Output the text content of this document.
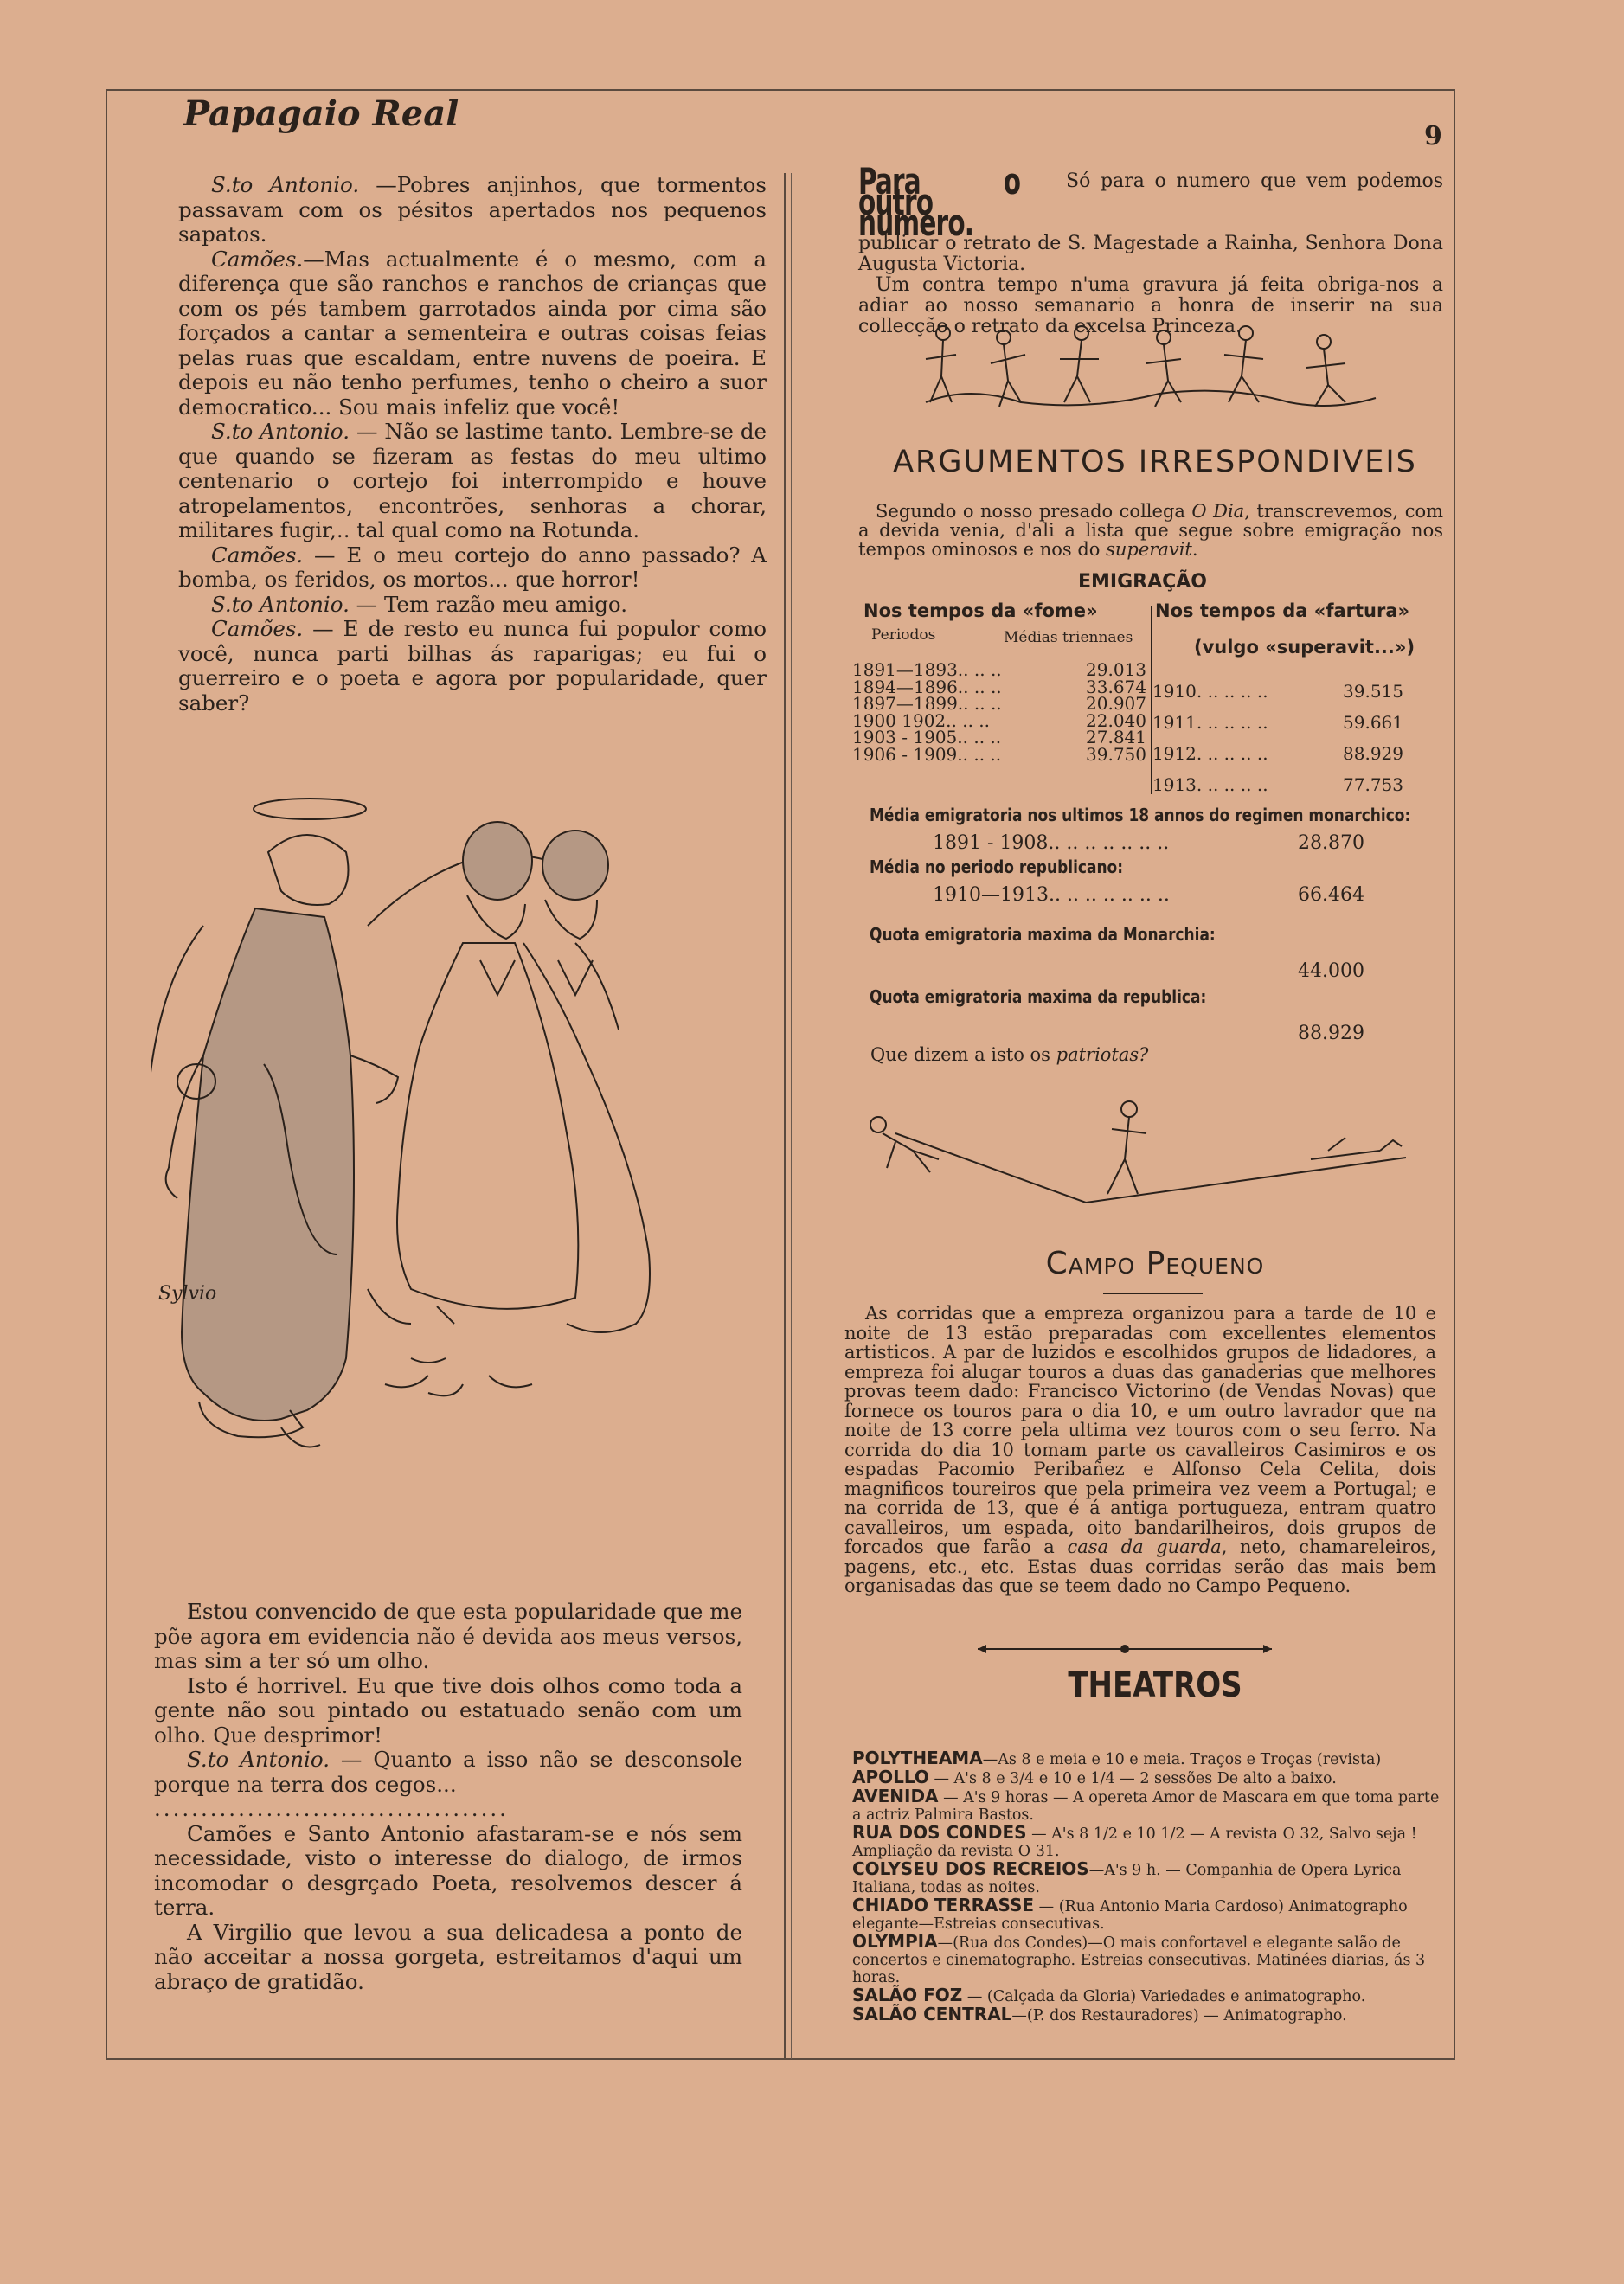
Papagaio Real
9

S.to Antonio. —Pobres anjinhos, que tormentos passavam com os pésitos apertados nos pequenos sapatos.

Camões.—Mas actualmente é o mesmo, com a diferença que são ranchos e ranchos de crianças que com os pés tambem garrotados ainda por cima são forçados a cantar a sementeira e outras coisas feias pelas ruas que escaldam, entre nuvens de poeira. E depois eu não tenho perfumes, tenho o cheiro a suor democratico... Sou mais infeliz que você!

S.to Antonio. — Não se lastime tanto. Lembre-se de que quando se fizeram as festas do meu ultimo centenario o cortejo foi interrompido e houve atropelamentos, encontrões, senhoras a chorar, militares fugir,.. tal qual como na Rotunda.

Camões. — E o meu cortejo do anno passado? A bomba, os feridos, os mortos... que horror!

S.to Antonio. — Tem razão meu amigo.

Camões. — E de resto eu nunca fui populor como você, nunca parti bilhas ás raparigas; eu fui o guerreiro e o poeta e agora por popularidade, quer saber?

Sylvio

Estou convencido de que esta popularidade que me põe agora em evidencia não é devida aos meus versos, mas sim a ter só um olho.

Isto é horrivel. Eu que tive dois olhos como toda a gente não sou pintado ou estatuado senão com um olho. Que desprimor!

S.to Antonio. — Quanto a isso não se desconsole porque na terra dos cegos...

......................................

Camões e Santo Antonio afastaram-se e nós sem necessidade, visto o interesse do dialogo, de irmos incomodar o desgrçado Poeta, resolvemos descer á terra.

A Virgilio que levou a sua delicadesa a ponto de não acceitar a nossa gorgeta, estreitamos d'aqui um abraço de gratidão.

Para o outro numero.Só para o numero que vem podemos publicar o retrato de S. Magestade a Rainha, Senhora Dona Augusta Victoria.

Um contra tempo n'uma gravura já feita obriga-nos a adiar ao nosso semanario a honra de inserir na sua collecção o retrato da excelsa Princeza.

ARGUMENTOS IRRESPONDIVEIS

Segundo o nosso presado collega O Dia, transcrevemos, com a devida venia, d'ali a lista que segue sobre emigração nos tempos ominosos e nos do superavit.

EMIGRAÇÃO
Nos tempos da «fome»	Nos tempos da «fartura»
(vulgo «superavit...»)
Periodos	Médias triennaes
1891—1893.. .. ..	29.013
1894—1896.. .. ..	33.674
1897—1899.. .. ..	20.907
1900 1902.. .. ..	22.040
1903 - 1905.. .. ..	27.841
1906 - 1909.. .. ..	39.750
1910. .. .. .. ..	39.515
1911. .. .. .. ..	59.661
1912. .. .. .. ..	88.929
1913. .. .. .. ..	77.753
Média emigratoria nos ultimos 18 annos do regimen monarchico:
1891 - 1908.. .. .. .. .. .. ..	28.870
Média no periodo republicano:
1910—1913.. .. .. .. .. .. ..	66.464
Quota emigratoria maxima da Monarchia:
44.000
Quota emigratoria maxima da republica:
88.929
Que dizem a isto os patriotas?
Campo Pequeno

As corridas que a empreza organizou para a tarde de 10 e noite de 13 estão preparadas com excellentes elementos artisticos. A par de luzidos e escolhidos grupos de lidadores, a empreza foi alugar touros a duas das ganaderias que melhores provas teem dado: Francisco Victorino (de Vendas Novas) que fornece os touros para o dia 10, e um outro lavrador que na noite de 13 corre pela ultima vez touros com o seu ferro. Na corrida do dia 10 tomam parte os cavalleiros Casimiros e os espadas Pacomio Peribañez e Alfonso Cela Celita, dois magnificos toureiros que pela primeira vez veem a Portugal; e na corrida de 13, que é á antiga portugueza, entram quatro cavalleiros, um espada, oito bandarilheiros, dois grupos de forcados que farão a casa da guarda, neto, chamareleiros, pagens, etc., etc. Estas duas corridas serão das mais bem organisadas das que se teem dado no Campo Pequeno.

THEATROS
POLYTHEAMA—As 8 e meia e 10 e meia. Traços e Troças (revista)
APOLLO — A's 8 e 3/4 e 10 e 1/4 — 2 sessões De alto a baixo.
AVENIDA — A's 9 horas — A opereta Amor de Mascara em que toma parte a actriz Palmira Bastos.
RUA DOS CONDES — A's 8 1/2 e 10 1/2 — A revista O 32, Salvo seja ! Ampliação da revista O 31.
COLYSEU DOS RECREIOS—A's 9 h. — Companhia de Opera Lyrica Italiana, todas as noites.
CHIADO TERRASSE — (Rua Antonio Maria Cardoso) Animatographo elegante—Estreias consecutivas.
OLYMPIA—(Rua dos Condes)—O mais confortavel e elegante salão de concertos e cinematographo. Estreias consecutivas. Matinées diarias, ás 3 horas.
SALÃO FOZ — (Calçada da Gloria) Variedades e animatographo.
SALÃO CENTRAL—(P. dos Restauradores) — Animatographo.
